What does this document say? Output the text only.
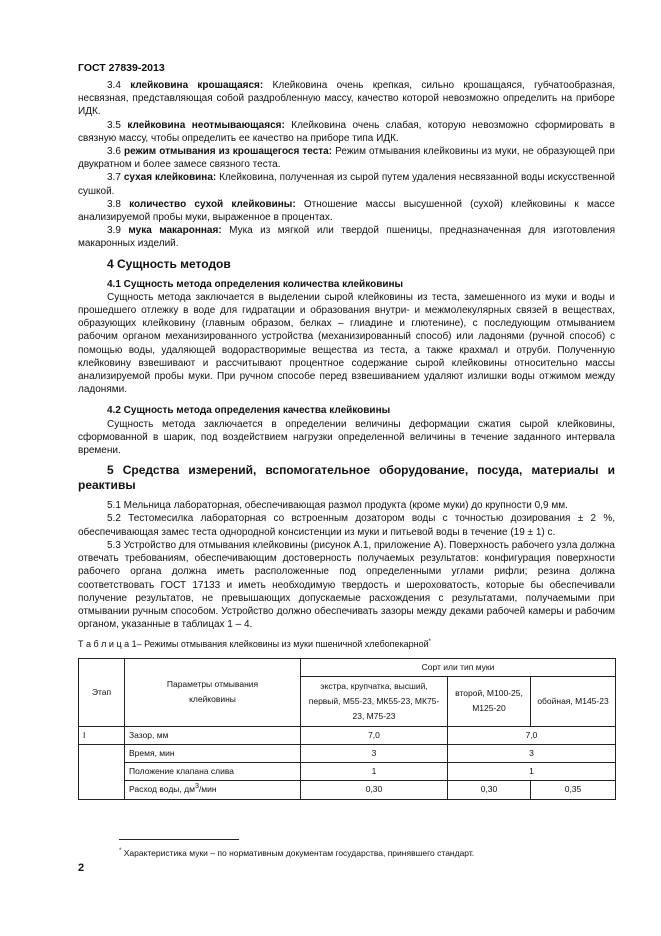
ГОСТ 27839-2013

3.4 клейковина крошащаяся: Клейковина очень крепкая, сильно крошащаяся, губчатообразная, несвязная, представляющая собой раздробленную массу, качество которой невозможно определить на приборе ИДК.

3.5 клейковина неотмывающаяся: Клейковина очень слабая, которую невозможно сформировать в связную массу, чтобы определить ее качество на приборе типа ИДК.

3.6 режим отмывания из крошащегося теста: Режим отмывания клейковины из муки, не образующей при двукратном и более замесе связного теста.

3.7 сухая клейковина: Клейковина, полученная из сырой путем удаления несвязанной воды искусственной сушкой.

3.8 количество сухой клейковины: Отношение массы высушенной (сухой) клейковины к массе анализируемой пробы муки, выраженное в процентах.

3.9 мука макаронная: Мука из мягкой или твердой пшеницы, предназначенная для изготовления макаронных изделий.

4 Сущность методов
4.1 Сущность метода определения количества клейковины

Сущность метода заключается в выделении сырой клейковины из теста, замешенного из муки и воды и прошедшего отлежку в воде для гидратации и образования внутри- и межмолекулярных связей в веществах, образующих клейковину (главным образом, белках – глиадине и глютенине), с последующим отмыванием рабочим органом механизированного устройства (механизированный способ) или ладонями (ручной способ) с помощью воды, удаляющей водорастворимые вещества из теста, а также крахмал и отруби. Полученную клейковину взвешивают и рассчитывают процентное содержание сырой клейковины относительно массы анализируемой пробы муки. При ручном способе перед взвешиванием удаляют излишки воды отжимом между ладонями.

4.2 Сущность метода определения качества клейковины

Сущность метода заключается в определении величины деформации сжатия сырой клейковины, сформованной в шарик, под воздействием нагрузки определенной величины в течение заданного интервала времени.

5 Средства измерений, вспомогательное оборудование, посуда, материалы и реактивы

5.1 Мельница лабораторная, обеспечивающая размол продукта (кроме муки) до крупности 0,9 мм.

5.2 Тестомесилка лабораторная со встроенным дозатором воды с точностью дозирования ± 2 %, обеспечивающая замес теста однородной консистенции из муки и питьевой воды в течение (19 ± 1) с.

5.3 Устройство для отмывания клейковины (рисунок А.1, приложение А). Поверхность рабочего узла должна отвечать требованиям, обеспечивающим достоверность получаемых результатов: конфигурация поверхности рабочего органа должна иметь расположенные под определенными углами рифли; резина должна соответствовать ГОСТ 17133 и иметь необходимую твердость и шероховатость, которые бы обеспечивали получение результатов, не превышающих допускаемые расхождения с результатами, получаемыми при отмывании ручным способом. Устройство должно обеспечивать зазоры между деками рабочей камеры и рабочим органом, указанные в таблицах 1 – 4.

Т а б л и ц а 1– Режимы отмывания клейковины из муки пшеничной хлебопекарной*
Этап	Параметры отмывания клейковины	Сорт или тип муки		
		экстра, крупчатка, высший, первый, М55-23, МК55-23, МК75-23, М75-23	второй, М100-25, М125-20	обойная, М145-23
I	Зазор, мм	7,0	7,0	
	Время, мин	3	3	
	Положение клапана слива	1	1	
	Расход воды, $дм^3$/мин	0,30	0,30	0,35
* Характеристика муки – по нормативным документам государства, принявшего стандарт.
2
